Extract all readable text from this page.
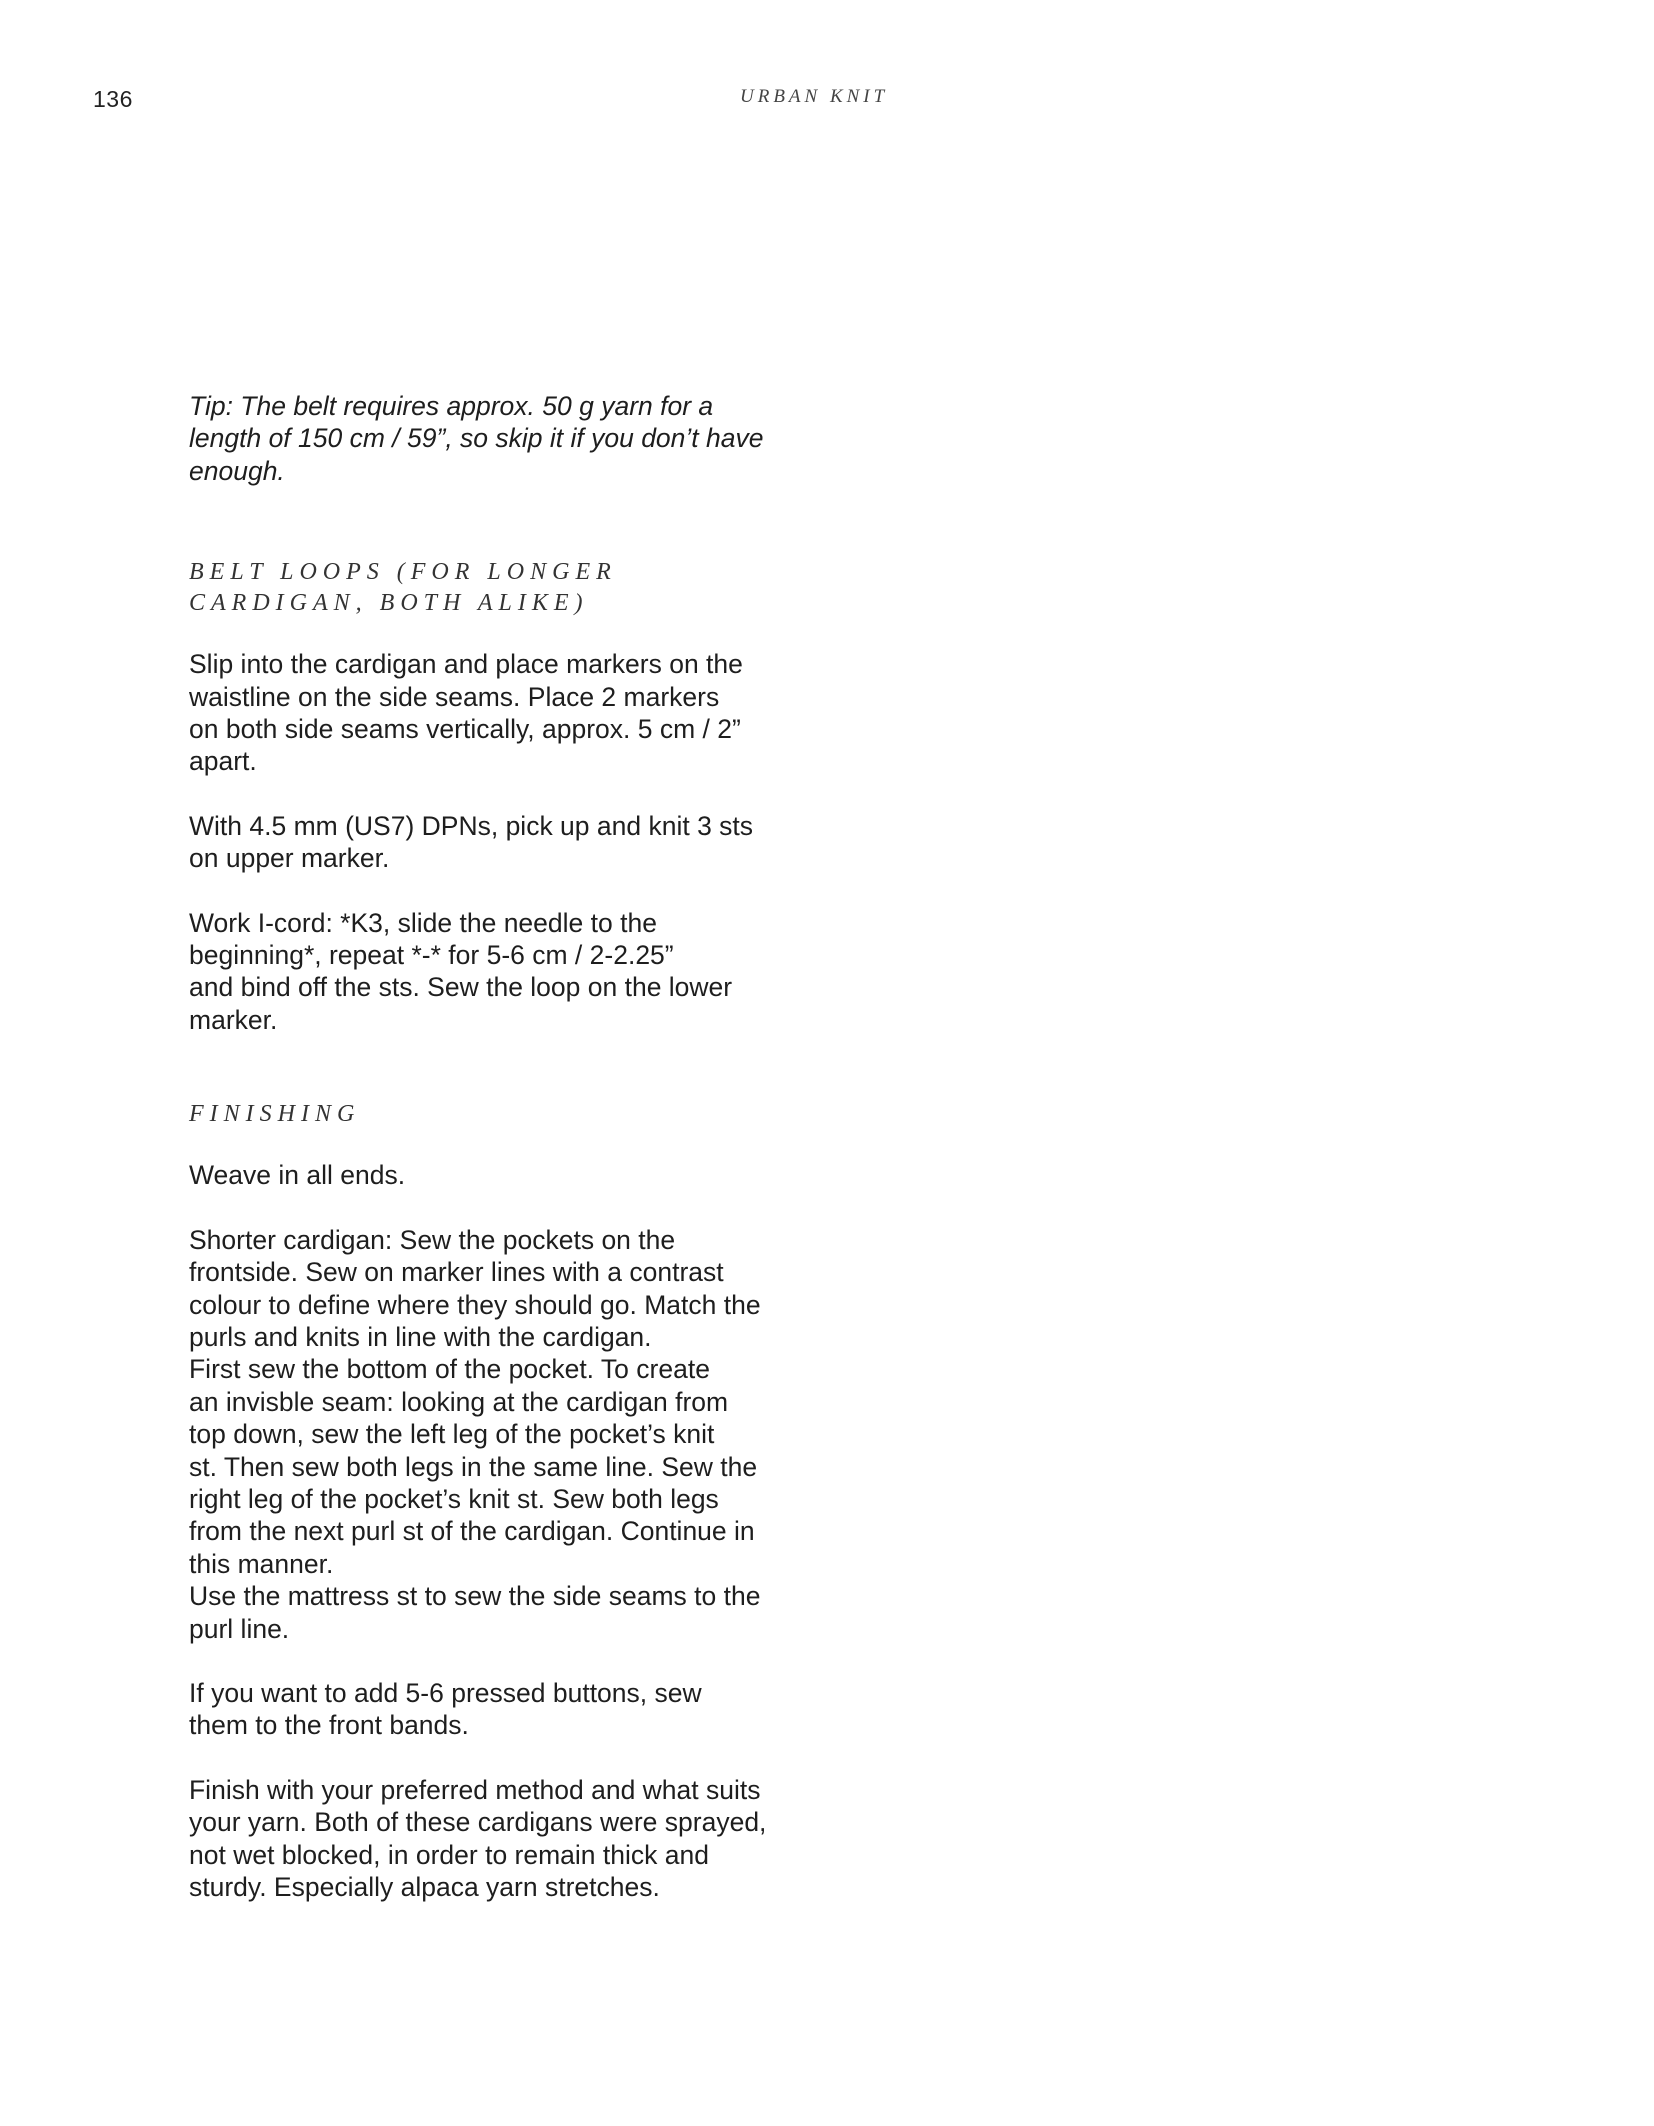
136	URBAN KNIT

Tip: The belt requires approx. 50 g yarn for a
length of 150 cm / 59”, so skip it if you don’t have
enough.

BELT LOOPS (FOR LONGER
CARDIGAN, BOTH ALIKE)

Slip into the cardigan and place markers on the
waistline on the side seams. Place 2 markers
on both side seams vertically, approx. 5 cm / 2”
apart.

With 4.5 mm (US7) DPNs, pick up and knit 3 sts
on upper marker.

Work I-cord: *K3, slide the needle to the
beginning*, repeat *-* for 5-6 cm / 2-2.25”
and bind off the sts. Sew the loop on the lower
marker.

FINISHING

Weave in all ends.

Shorter cardigan: Sew the pockets on the
frontside. Sew on marker lines with a contrast
colour to define where they should go. Match the
purls and knits in line with the cardigan.
First sew the bottom of the pocket. To create
an invisble seam: looking at the cardigan from
top down, sew the left leg of the pocket’s knit
st. Then sew both legs in the same line. Sew the
right leg of the pocket’s knit st. Sew both legs
from the next purl st of the cardigan. Continue in
this manner.
Use the mattress st to sew the side seams to the
purl line.

If you want to add 5-6 pressed buttons, sew
them to the front bands.

Finish with your preferred method and what suits
your yarn. Both of these cardigans were sprayed,
not wet blocked, in order to remain thick and
sturdy. Especially alpaca yarn stretches.
